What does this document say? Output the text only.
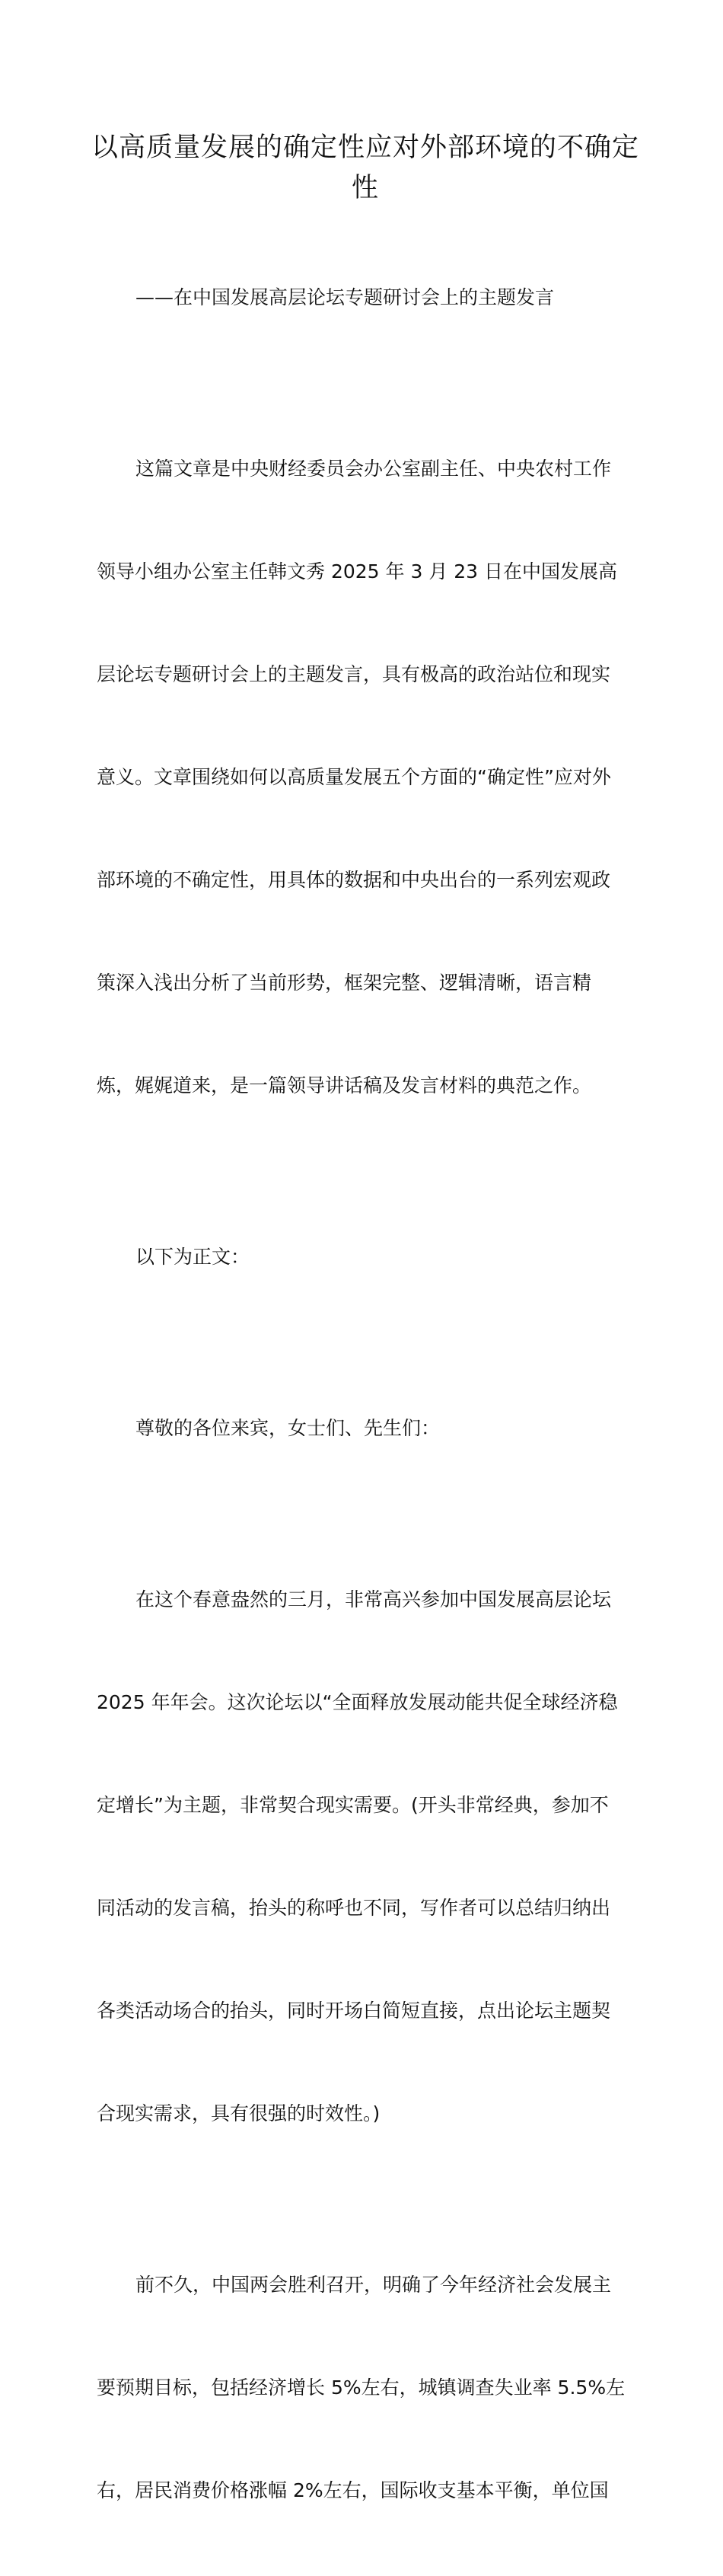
以高质量发展的确定性应对外部环境的不确定
性

——在中国发展高层论坛专题研讨会上的主题发言

这篇文章是中央财经委员会办公室副主任、中央农村工作

领导小组办公室主任韩文秀 2025 年 3 月 23 日在中国发展高

层论坛专题研讨会上的主题发言，具有极高的政治站位和现实

意义。文章围绕如何以高质量发展五个方面的“确定性”应对外

部环境的不确定性，用具体的数据和中央出台的一系列宏观政

策深入浅出分析了当前形势，框架完整、逻辑清晰，语言精

炼，娓娓道来，是一篇领导讲话稿及发言材料的典范之作。

以下为正文：

尊敬的各位来宾，女士们、先生们：

在这个春意盎然的三月，非常高兴参加中国发展高层论坛

2025 年年会。这次论坛以“全面释放发展动能共促全球经济稳

定增长”为主题，非常契合现实需要。(开头非常经典，参加不

同活动的发言稿，抬头的称呼也不同，写作者可以总结归纳出

各类活动场合的抬头，同时开场白简短直接，点出论坛主题契

合现实需求，具有很强的时效性。)

前不久，中国两会胜利召开，明确了今年经济社会发展主

要预期目标，包括经济增长 5%左右，城镇调查失业率 5.5%左

右，居民消费价格涨幅 2%左右，国际收支基本平衡，单位国
